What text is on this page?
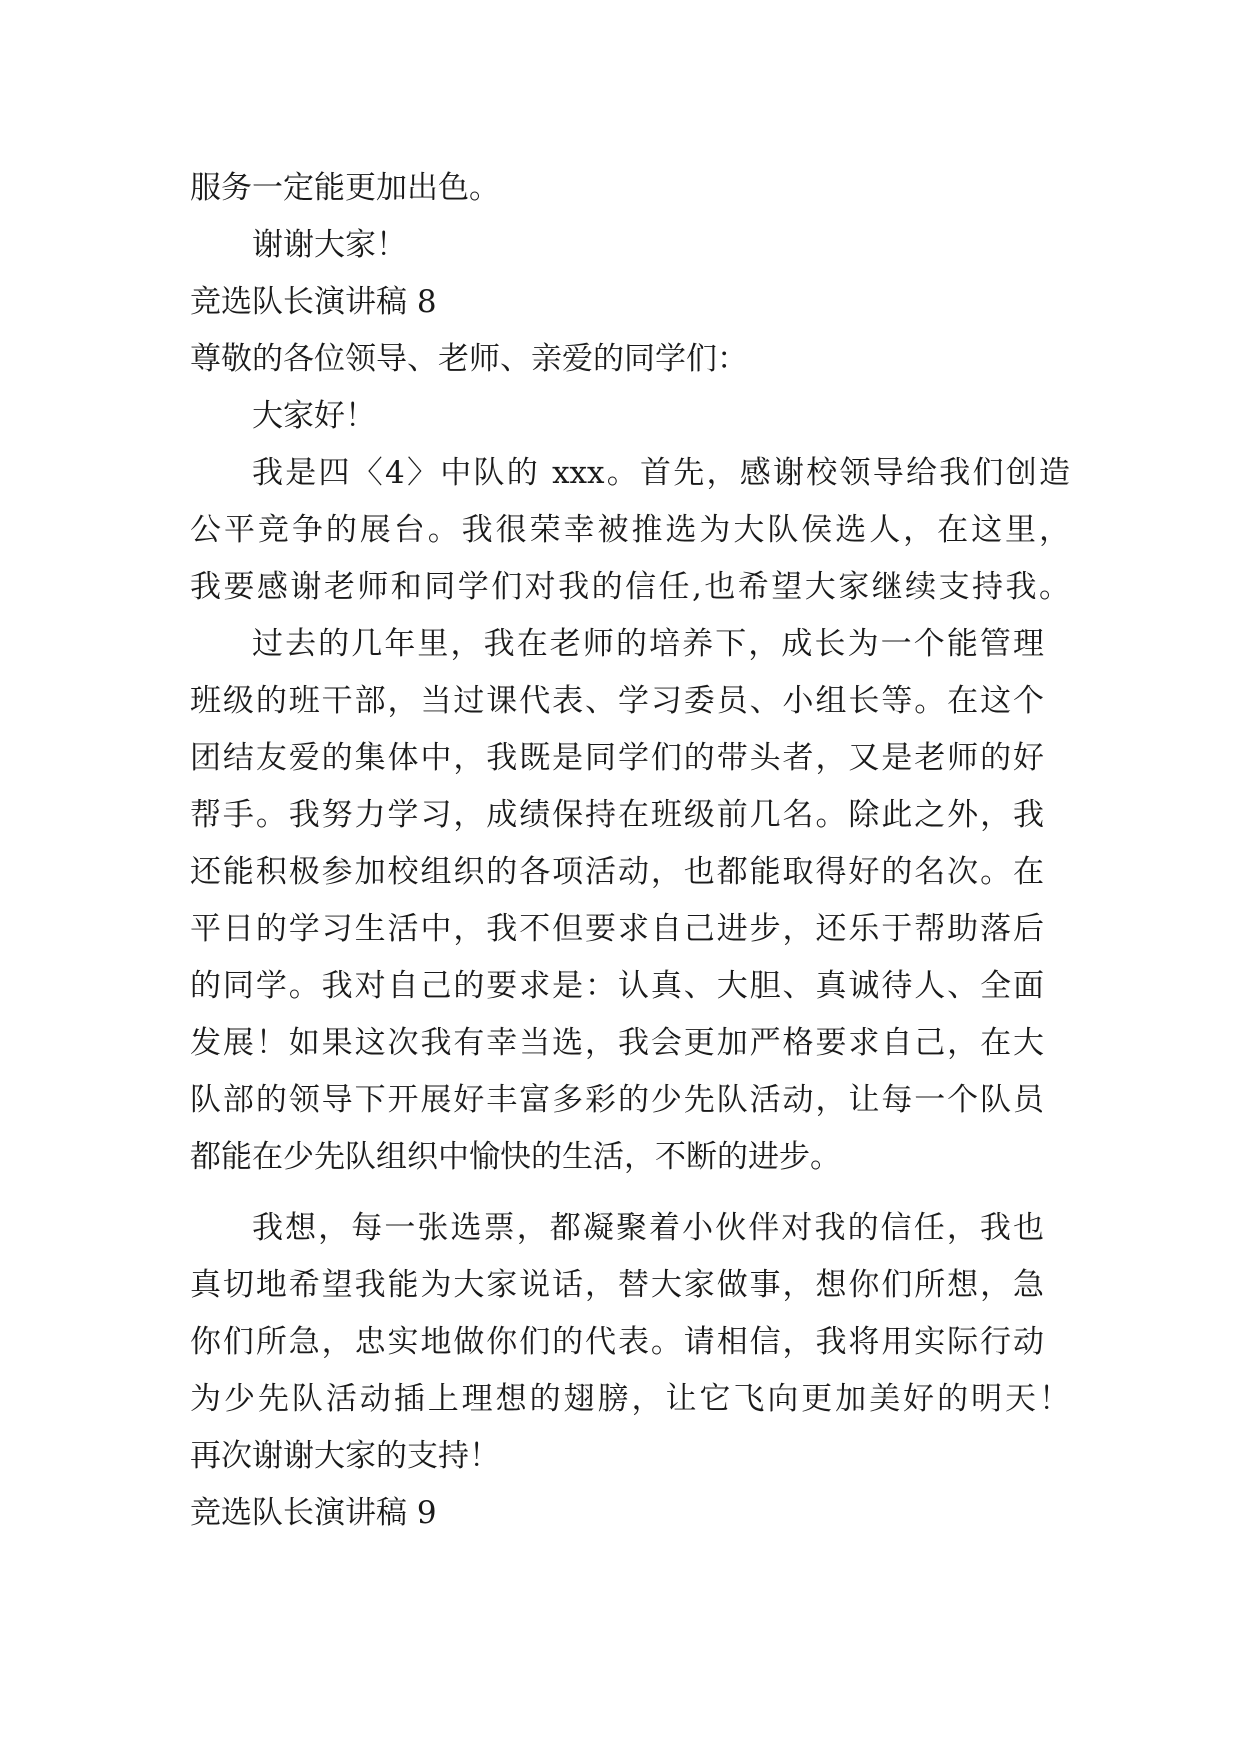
服务一定能更加出色。
谢谢大家！
竞选队长演讲稿 8
尊敬的各位领导、老师、亲爱的同学们：
大家好！
我是四〈4〉中队的 xxx。首先，感谢校领导给我们创造
公平竞争的展台。我很荣幸被推选为大队侯选人，在这里，
我要感谢老师和同学们对我的信任,也希望大家继续支持我。
过去的几年里，我在老师的培养下，成长为一个能管理
班级的班干部，当过课代表、学习委员、小组长等。在这个
团结友爱的集体中，我既是同学们的带头者，又是老师的好
帮手。我努力学习，成绩保持在班级前几名。除此之外，我
还能积极参加校组织的各项活动，也都能取得好的名次。在
平日的学习生活中，我不但要求自己进步，还乐于帮助落后
的同学。我对自己的要求是：认真、大胆、真诚待人、全面
发展！如果这次我有幸当选，我会更加严格要求自己，在大
队部的领导下开展好丰富多彩的少先队活动，让每一个队员
都能在少先队组织中愉快的生活，不断的进步。
我想，每一张选票，都凝聚着小伙伴对我的信任，我也
真切地希望我能为大家说话，替大家做事，想你们所想，急
你们所急，忠实地做你们的代表。请相信，我将用实际行动
为少先队活动插上理想的翅膀，让它飞向更加美好的明天！
再次谢谢大家的支持！
竞选队长演讲稿 9
